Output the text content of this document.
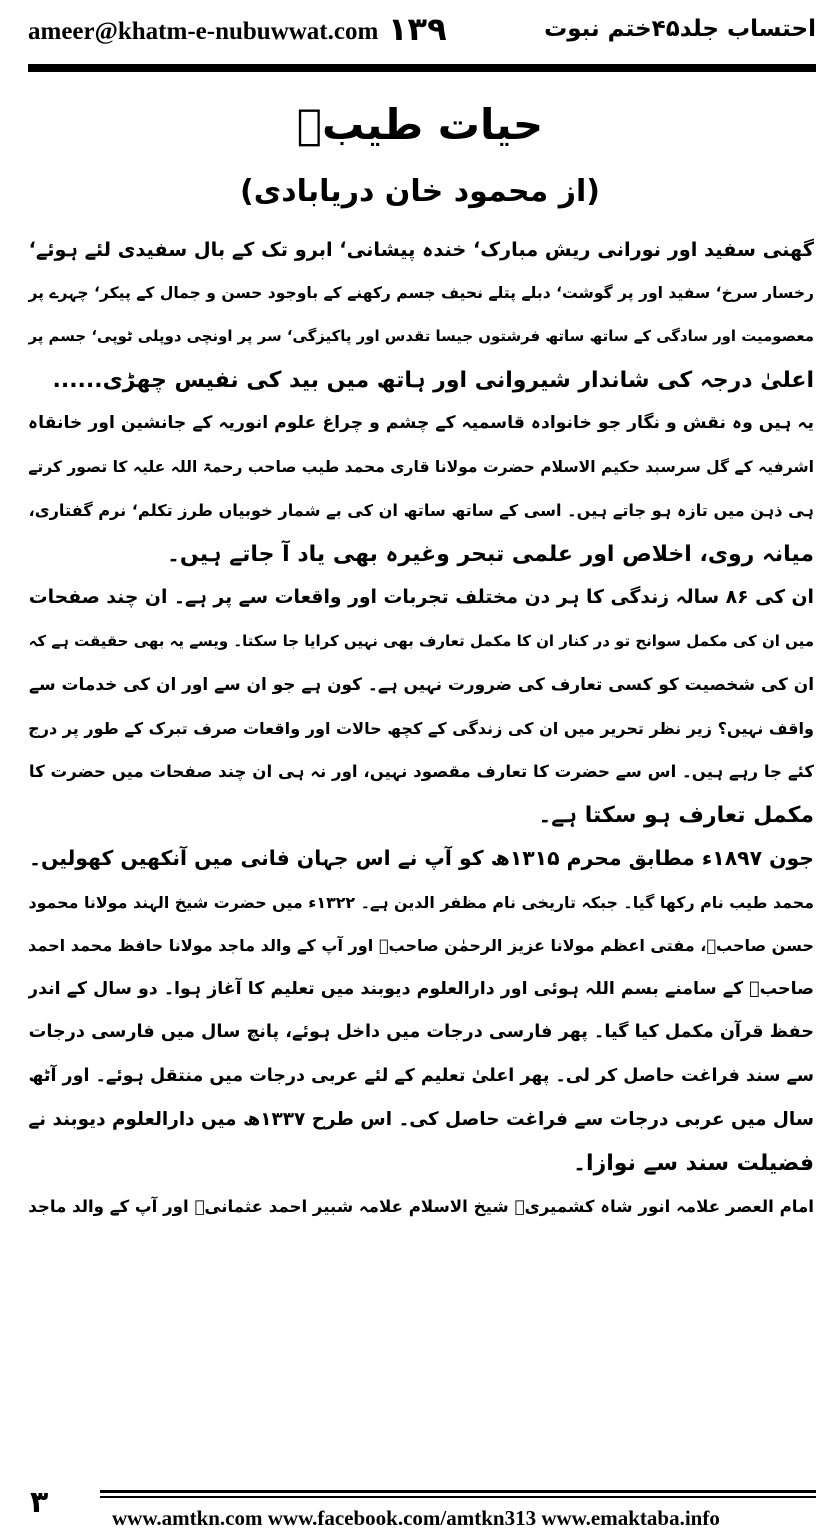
ameer@khatm-e-nubuwwat.com ۱۳۹	احتساب جلد۴۵ختم نبوت
حیات طیبؒ
(از محمود خان دریابادی)
گھنی سفید اور نورانی ریش مبارک‘ خندہ پیشانی‘ ابرو تک کے بال سفیدی لئے ہوئے‘
رخسار سرخ‘ سفید اور پر گوشت‘ دبلے پتلے نحیف جسم رکھنے کے باوجود حسن و جمال کے پیکر‘ چہرے پر
معصومیت اور سادگی کے ساتھ ساتھ فرشتوں جیسا تقدس اور پاکیزگی‘ سر پر اونچی دوپلی ٹوپی‘ جسم پر
اعلیٰ درجہ کی شاندار شیروانی اور ہاتھ میں بید کی نفیس چھڑی......
یہ ہیں وہ نقش و نگار جو خانوادہ قاسمیہ کے چشم و چراغ علوم انوریہ کے جانشین اور خانقاہ
اشرفیہ کے گل سرسبد حکیم الاسلام حضرت مولانا قاری محمد طیب صاحب رحمۃ اللہ علیہ کا تصور کرتے
ہی ذہن میں تازہ ہو جاتے ہیں۔ اسی کے ساتھ ساتھ ان کی بے شمار خوبیاں طرز تکلم‘ نرم گفتاری،
میانہ روی، اخلاص اور علمی تبحر وغیرہ بھی یاد آ جاتے ہیں۔
ان کی ۸۶ سالہ زندگی کا ہر دن مختلف تجربات اور واقعات سے پر ہے۔ ان چند صفحات
میں ان کی مکمل سوانح تو در کنار ان کا مکمل تعارف بھی نہیں کرایا جا سکتا۔ ویسے یہ بھی حقیقت ہے کہ
ان کی شخصیت کو کسی تعارف کی ضرورت نہیں ہے۔ کون ہے جو ان سے اور ان کی خدمات سے
واقف نہیں؟ زیر نظر تحریر میں ان کی زندگی کے کچھ حالات اور واقعات صرف تبرک کے طور پر درج
کئے جا رہے ہیں۔ اس سے حضرت کا تعارف مقصود نہیں، اور نہ ہی ان چند صفحات میں حضرت کا
مکمل تعارف ہو سکتا ہے۔
جون ۱۸۹۷ء مطابق محرم ۱۳۱۵ھ کو آپ نے اس جہان فانی میں آنکھیں کھولیں۔
محمد طیب نام رکھا گیا۔ جبکہ تاریخی نام مظفر الدین ہے۔ ۱۳۲۲ء میں حضرت شیخ الہند مولانا محمود
حسن صاحبؒ، مفتی اعظم مولانا عزیز الرحمٰن صاحبؒ اور آپ کے والد ماجد مولانا حافظ محمد احمد
صاحبؒ کے سامنے بسم اللہ ہوئی اور دارالعلوم دیوبند میں تعلیم کا آغاز ہوا۔ دو سال کے اندر
حفظ قرآن مکمل کیا گیا۔ پھر فارسی درجات میں داخل ہوئے، پانچ سال میں فارسی درجات
سے سند فراغت حاصل کر لی۔ پھر اعلیٰ تعلیم کے لئے عربی درجات میں منتقل ہوئے۔ اور آٹھ
سال میں عربی درجات سے فراغت حاصل کی۔ اس طرح ۱۳۳۷ھ میں دارالعلوم دیوبند نے
فضیلت سند سے نوازا۔
امام العصر علامہ انور شاہ کشمیریؒ شیخ الاسلام علامہ شبیر احمد عثمانیؒ اور آپ کے والد ماجد
۳	www.amtkn.com www.facebook.com/amtkn313 www.emaktaba.info
